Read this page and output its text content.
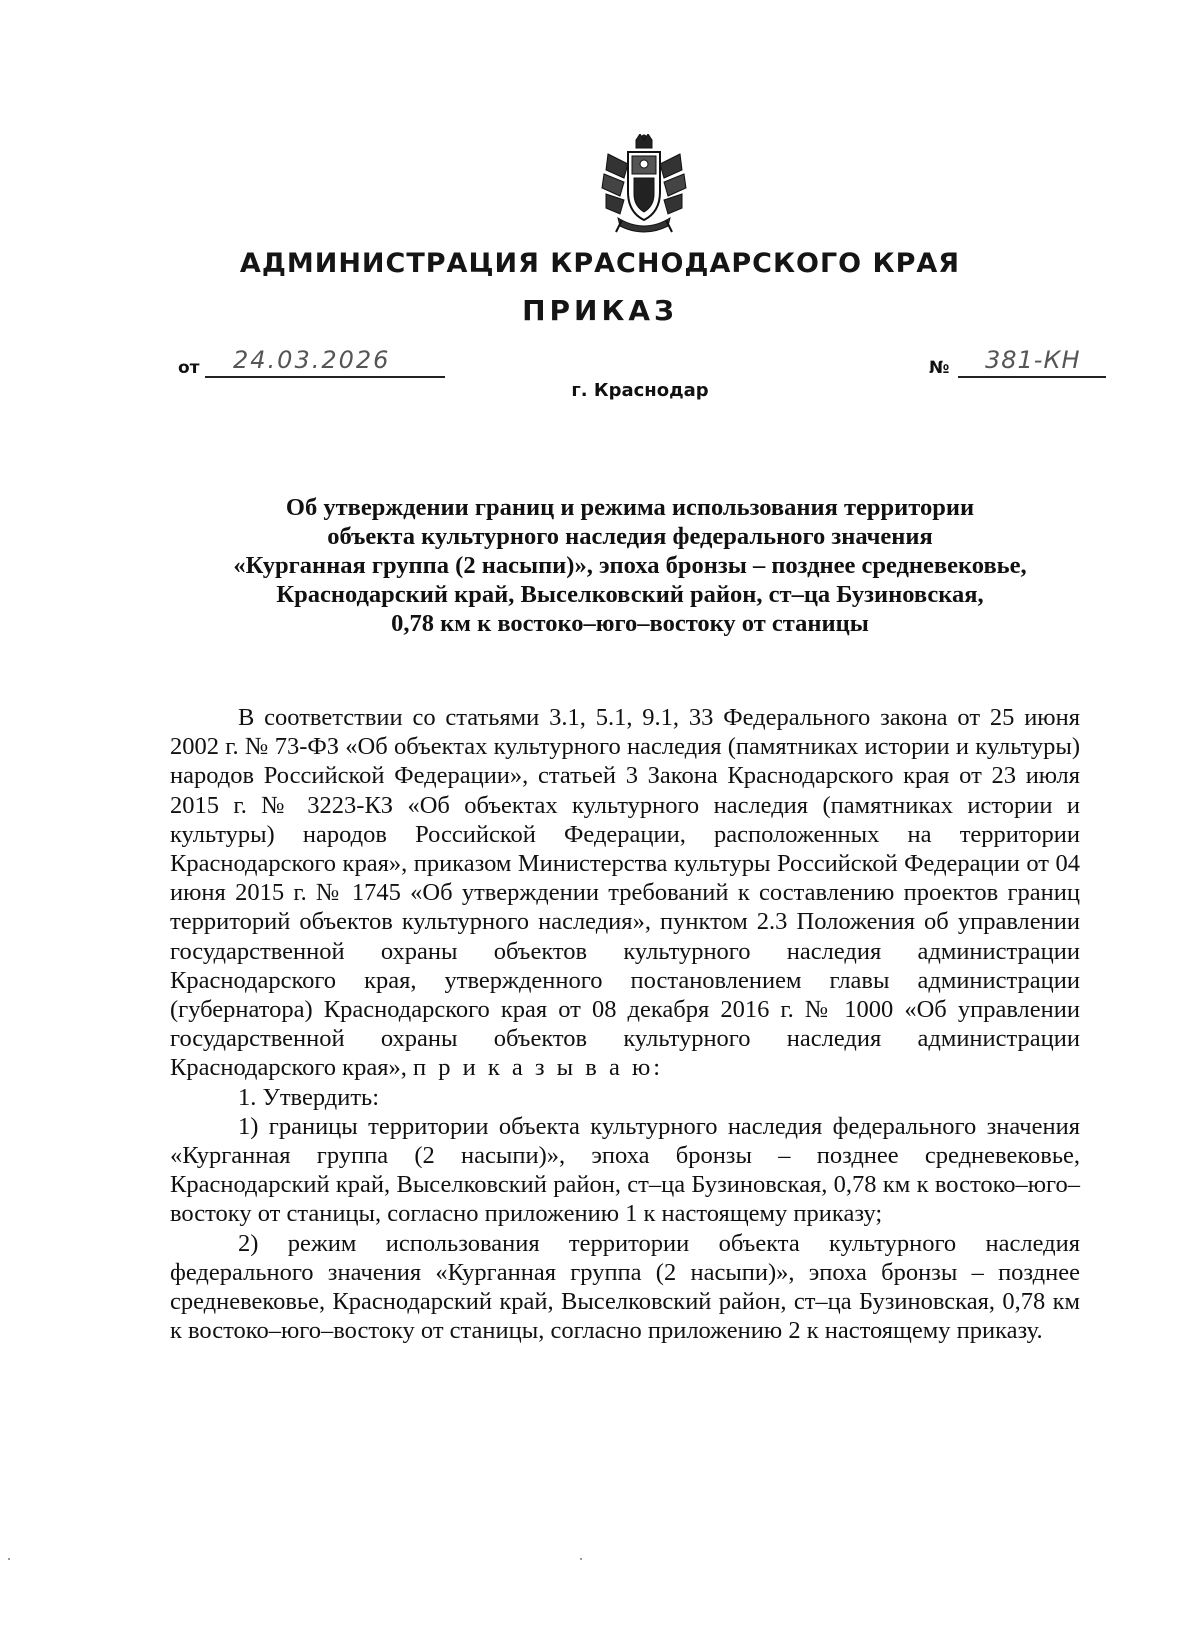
АДМИНИСТРАЦИЯ КРАСНОДАРСКОГО КРАЯ
ПРИКАЗ
от 24.03.2026	№ 381-КН
г. Краснодар
Об утверждении границ и режима использования территории
объекта культурного наследия федерального значения
«Курганная группа (2 насыпи)», эпоха бронзы – позднее средневековье,
Краснодарский край, Выселковский район, ст–ца Бузиновская,
0,78 км к востоко–юго–востоку от станицы

В соответствии со статьями 3.1, 5.1, 9.1, 33 Федерального закона от 25 июня 2002 г. № 73-ФЗ «Об объектах культурного наследия (памятниках истории и культуры) народов Российской Федерации», статьей 3 Закона Краснодарского края от 23 июля 2015 г. № 3223-КЗ «Об объектах культурного наследия (памятниках истории и культуры) народов Российской Федерации, расположенных на территории Краснодарского края», приказом Министерства культуры Российской Федерации от 04 июня 2015 г. № 1745 «Об утверждении требований к составлению проектов границ территорий объектов культурного наследия», пунктом 2.3 Положения об управлении государственной охраны объектов культурного наследия администрации Краснодарского края, утвержденного постановлением главы администрации (губернатора) Краснодарского края от 08 декабря 2016 г. № 1000 «Об управлении государственной охраны объектов культурного наследия администрации Краснодарского края», п р и к а з ы в а ю:

1. Утвердить:

1) границы территории объекта культурного наследия федерального значения «Курганная группа (2 насыпи)», эпоха бронзы – позднее средневековье, Краснодарский край, Выселковский район, ст–ца Бузиновская, 0,78 км к востоко–юго–востоку от станицы, согласно приложению 1 к настоящему приказу;

2) режим использования территории объекта культурного наследия федерального значения «Курганная группа (2 насыпи)», эпоха бронзы – позднее средневековье, Краснодарский край, Выселковский район, ст–ца Бузиновская, 0,78 км к востоко–юго–востоку от станицы, согласно приложению 2 к настоящему приказу.
